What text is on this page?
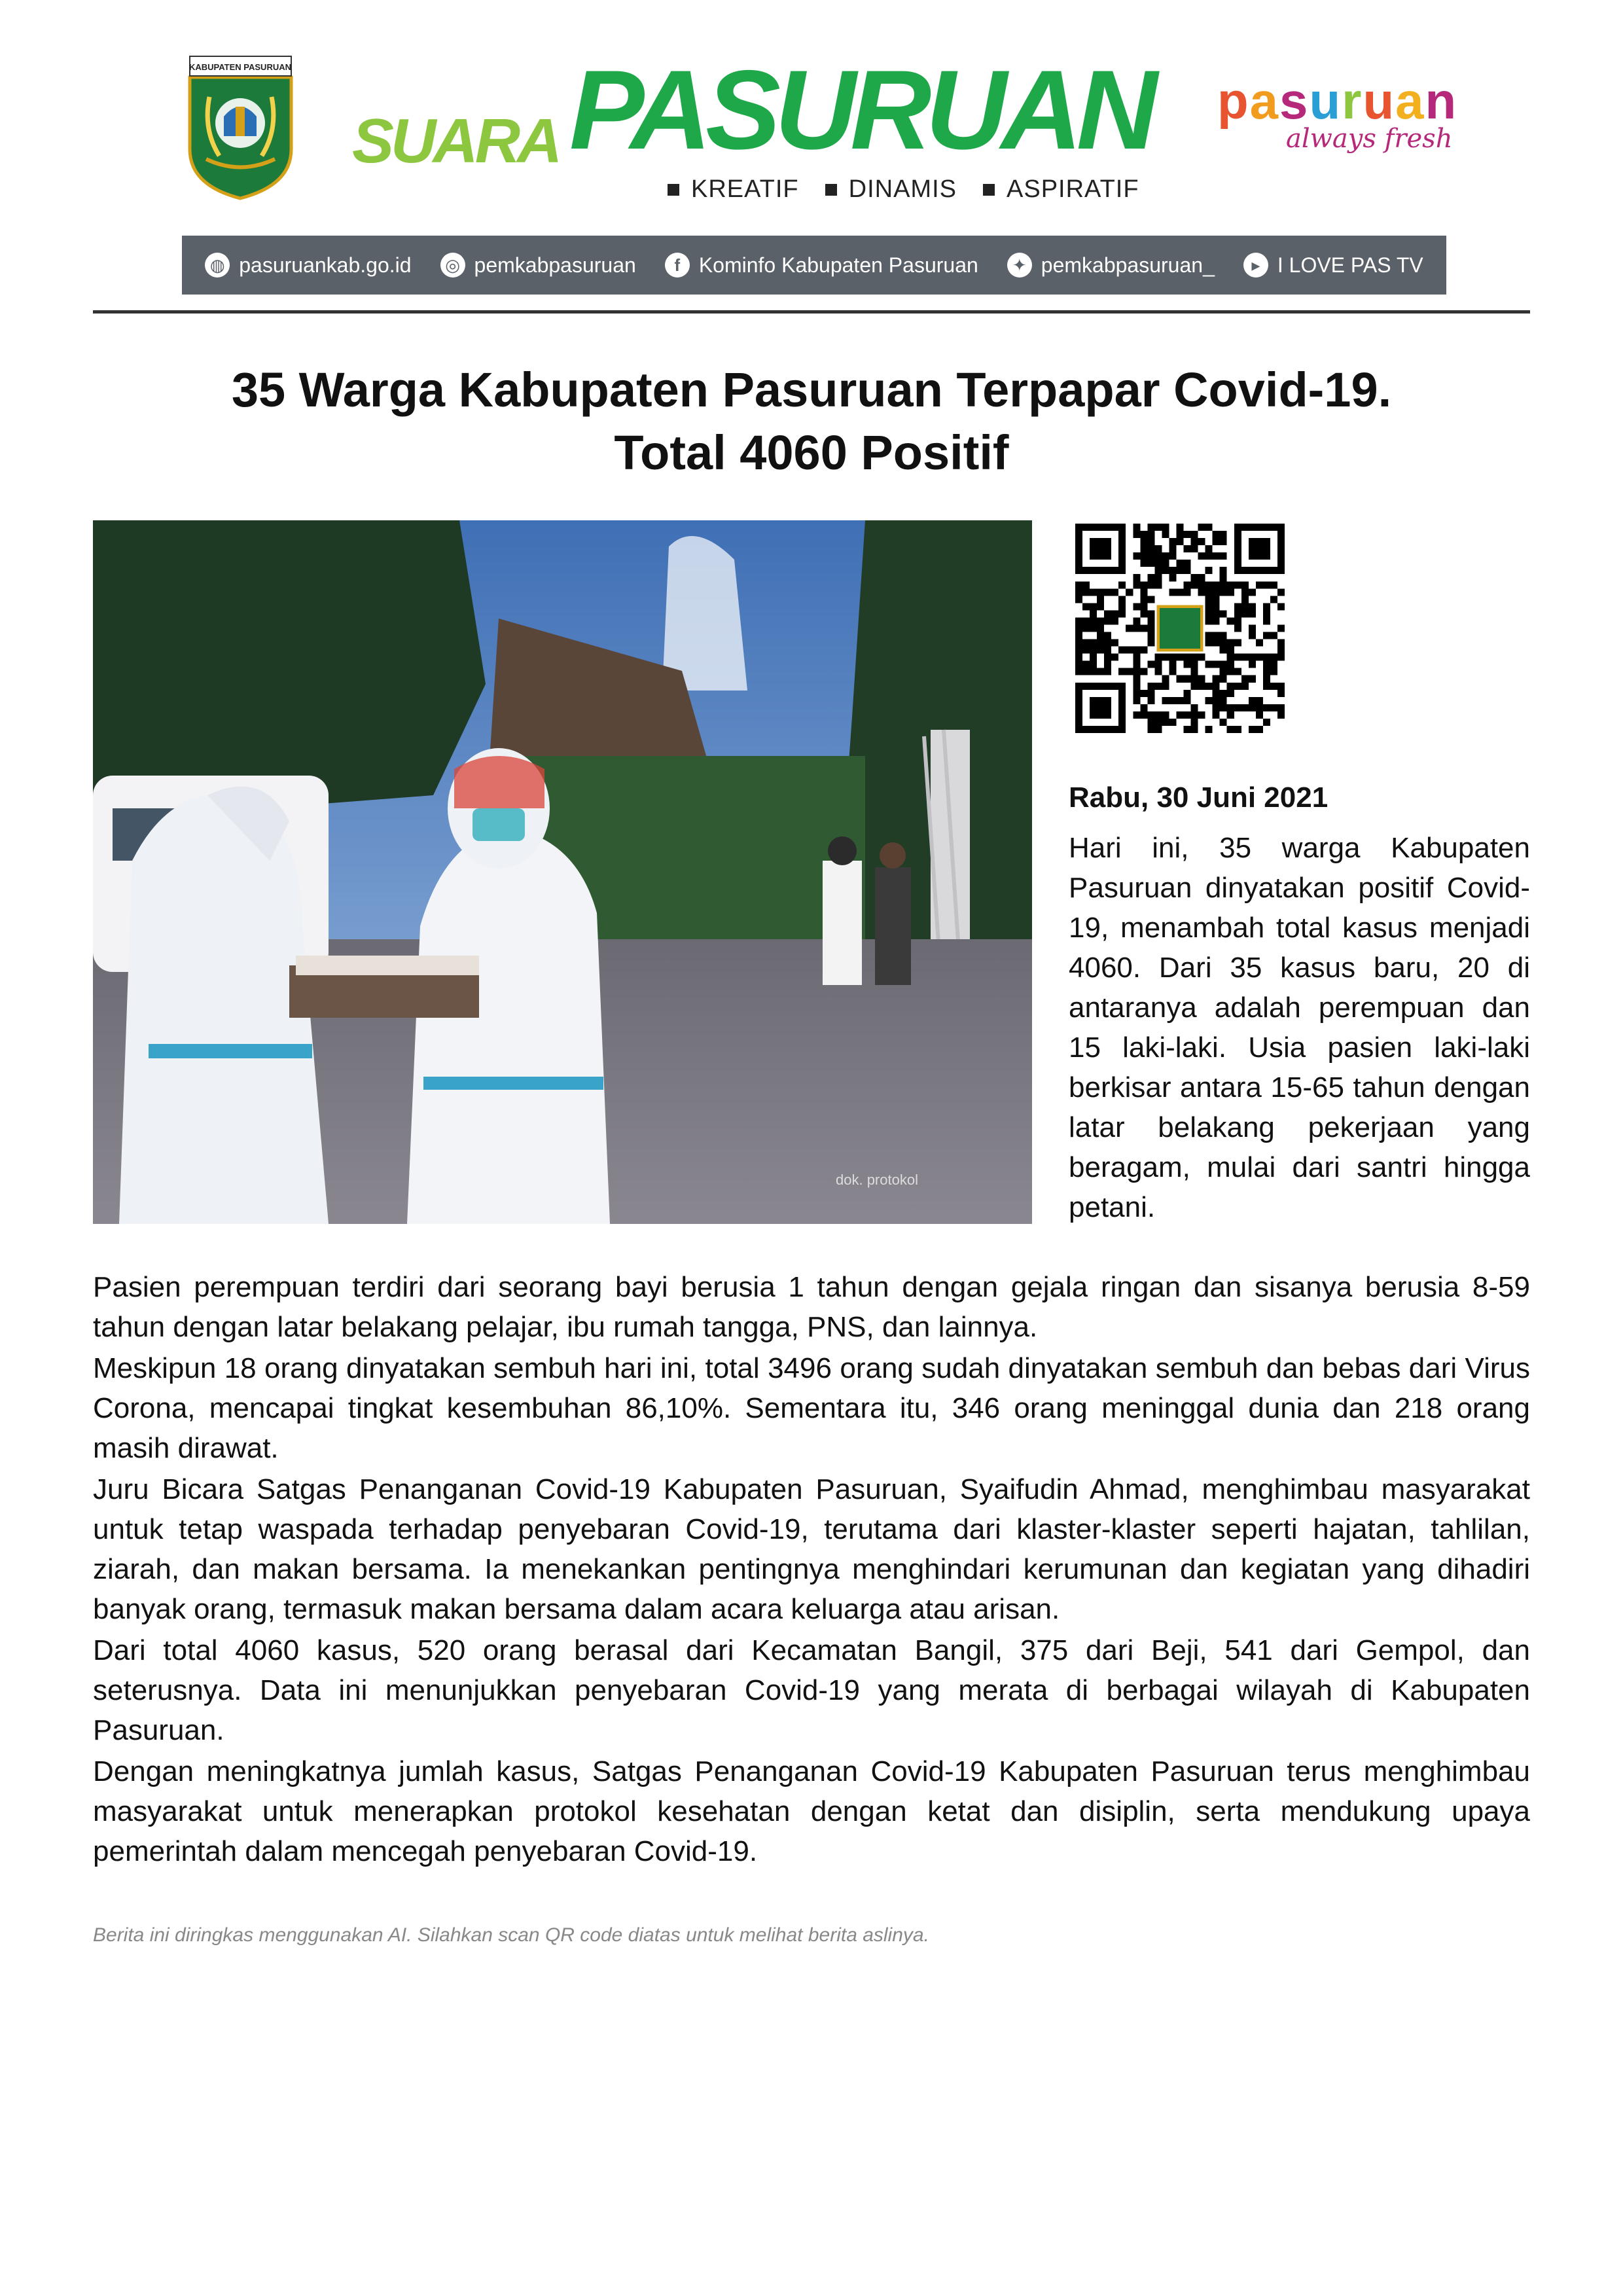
KABUPATEN PASURUAN
SUARA PASURUAN
KREATIF DINAMIS ASPIRATIF
p a s u r u a n
always fresh
◍ pasuruankab.go.id ◎ pemkabpasuruan	f Kominfo Kabupaten Pasuruan	✦ pemkabpasuruan_	▸ I LOVE PAS TV
35 Warga Kabupaten Pasuruan Terpapar Covid-19.
Total 4060 Positif
dok. protokol
Rabu, 30 Juni 2021

Hari ini, 35 warga Kabupaten Pasuruan dinyatakan positif Covid-19, menambah total kasus menjadi 4060. Dari 35 kasus baru, 20 di antaranya adalah perempuan dan 15 laki-laki. Usia pasien laki-laki berkisar antara 15-65 tahun dengan latar belakang pekerjaan yang beragam, mulai dari santri hingga petani.

Pasien perempuan terdiri dari seorang bayi berusia 1 tahun dengan gejala ringan dan sisanya berusia 8-59 tahun dengan latar belakang pelajar, ibu rumah tangga, PNS, dan lainnya.

Meskipun 18 orang dinyatakan sembuh hari ini, total 3496 orang sudah dinyatakan sembuh dan bebas dari Virus Corona, mencapai tingkat kesembuhan 86,10%. Sementara itu, 346 orang meninggal dunia dan 218 orang masih dirawat.

Juru Bicara Satgas Penanganan Covid-19 Kabupaten Pasuruan, Syaifudin Ahmad, menghimbau masyarakat untuk tetap waspada terhadap penyebaran Covid-19, terutama dari klaster-klaster seperti hajatan, tahlilan, ziarah, dan makan bersama. Ia menekankan pentingnya menghindari kerumunan dan kegiatan yang dihadiri banyak orang, termasuk makan bersama dalam acara keluarga atau arisan.

Dari total 4060 kasus, 520 orang berasal dari Kecamatan Bangil, 375 dari Beji, 541 dari Gempol, dan seterusnya. Data ini menunjukkan penyebaran Covid-19 yang merata di berbagai wilayah di Kabupaten Pasuruan.

Dengan meningkatnya jumlah kasus, Satgas Penanganan Covid-19 Kabupaten Pasuruan terus menghimbau masyarakat untuk menerapkan protokol kesehatan dengan ketat dan disiplin, serta mendukung upaya pemerintah dalam mencegah penyebaran Covid-19.

Berita ini diringkas menggunakan AI. Silahkan scan QR code diatas untuk melihat berita aslinya.
